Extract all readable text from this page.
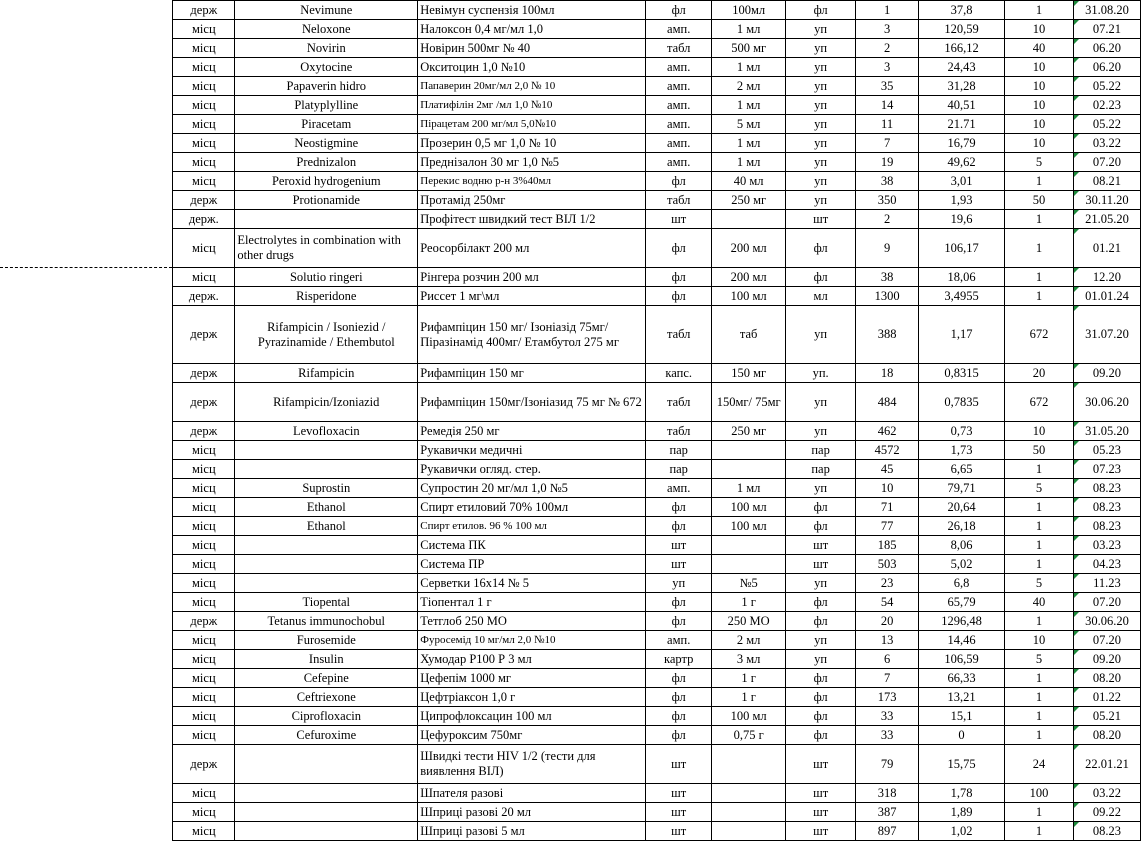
	держ	Nevimune	Невімун суспензія 100мл	фл	100мл	фл	1	37,8	1	31.08.20
	місц	Neloxone	Налоксон 0,4 мг/мл 1,0	амп.	1 мл	уп	3	120,59	10	07.21
	місц	Novirin	Новірин 500мг № 40	табл	500 мг	уп	2	166,12	40	06.20
	місц	Oxytocine	Окситоцин 1,0 №10	амп.	1 мл	уп	3	24,43	10	06.20
	місц	Papaverin hidro	Папаверин 20мг/мл 2,0 № 10	амп.	2 мл	уп	35	31,28	10	05.22
	місц	Platyplylline	Платифілін 2мг /мл 1,0 №10	амп.	1 мл	уп	14	40,51	10	02.23
	місц	Piracetam	Пірацетам 200 мг/мл 5,0№10	амп.	5 мл	уп	11	21.71	10	05.22
	місц	Neostigmine	Прозерин 0,5 мг 1,0 № 10	амп.	1 мл	уп	7	16,79	10	03.22
	місц	Prednizalon	Преднізалон 30 мг 1,0 №5	амп.	1 мл	уп	19	49,62	5	07.20
	місц	Peroxid hydrogenium	Перекис водню р-н 3%40мл	фл	40 мл	уп	38	3,01	1	08.21
	держ	Protionamide	Протамід 250мг	табл	250 мг	уп	350	1,93	50	30.11.20
	держ.		Профітест швидкий тест ВІЛ 1/2	шт		шт	2	19,6	1	21.05.20
	місц	Electrolytes in combination with other drugs	Реосорбілакт 200 мл	фл	200 мл	фл	9	106,17	1	01.21
	місц	Solutio ringeri	Рінгера розчин 200 мл	фл	200 мл	фл	38	18,06	1	12.20
	держ.	Risperidone	Риссет 1 мг\мл	фл	100 мл	мл	1300	3,4955	1	01.01.24
	держ	Rifampicin / Isoniezid / Pyrazinamide / Ethembutol	Рифампіцин 150 мг/ Ізоніазід 75мг/ Піразінамід 400мг/ Етамбутол 275 мг	табл	таб	уп	388	1,17	672	31.07.20
	держ	Rifampicin	Рифампіцин 150 мг	капс.	150 мг	уп.	18	0,8315	20	09.20
	держ	Rifampicin/Izoniazid	Рифампіцин 150мг/Ізоніазид 75 мг № 672	табл	150мг/ 75мг	уп	484	0,7835	672	30.06.20
	держ	Levofloxacin	Ремедія 250 мг	табл	250 мг	уп	462	0,73	10	31.05.20
	місц		Рукавички медичні	пар		пар	4572	1,73	50	05.23
	місц		Рукавички огляд. стер.	пар		пар	45	6,65	1	07.23
	місц	Suprostin	Супростин 20 мг/мл 1,0 №5	амп.	1 мл	уп	10	79,71	5	08.23
	місц	Ethanol	Спирт етиловий 70% 100мл	фл	100 мл	фл	71	20,64	1	08.23
	місц	Ethanol	Спирт етилов. 96 % 100 мл	фл	100 мл	фл	77	26,18	1	08.23
	місц		Система ПК	шт		шт	185	8,06	1	03.23
	місц		Система ПР	шт		шт	503	5,02	1	04.23
	місц		Серветки 16х14 № 5	уп	№5	уп	23	6,8	5	11.23
	місц	Tiopental	Тіопентал 1 г	фл	1 г	фл	54	65,79	40	07.20
	держ	Tetanus immunochobul	Тетглоб 250 МО	фл	250 МО	фл	20	1296,48	1	30.06.20
	місц	Furosemide	Фуросемід 10 мг/мл 2,0 №10	амп.	2 мл	уп	13	14,46	10	07.20
	місц	Insulin	Хумодар Р100 Р 3 мл	картр	3 мл	уп	6	106,59	5	09.20
	місц	Cefepine	Цефепім 1000 мг	фл	1 г	фл	7	66,33	1	08.20
	місц	Ceftriexone	Цефтріаксон 1,0 г	фл	1 г	фл	173	13,21	1	01.22
	місц	Ciprofloxacin	Ципрофлоксацин 100 мл	фл	100 мл	фл	33	15,1	1	05.21
	місц	Cefuroxime	Цефуроксим 750мг	фл	0,75 г	фл	33	0	1	08.20
	держ		Швидкі тести HIV 1/2 (тести для виявлення ВІЛ)	шт		шт	79	15,75	24	22.01.21
	місц		Шпателя разові	шт		шт	318	1,78	100	03.22
	місц		Шприці разові 20 мл	шт		шт	387	1,89	1	09.22
	місц		Шприці разові 5 мл	шт		шт	897	1,02	1	08.23
